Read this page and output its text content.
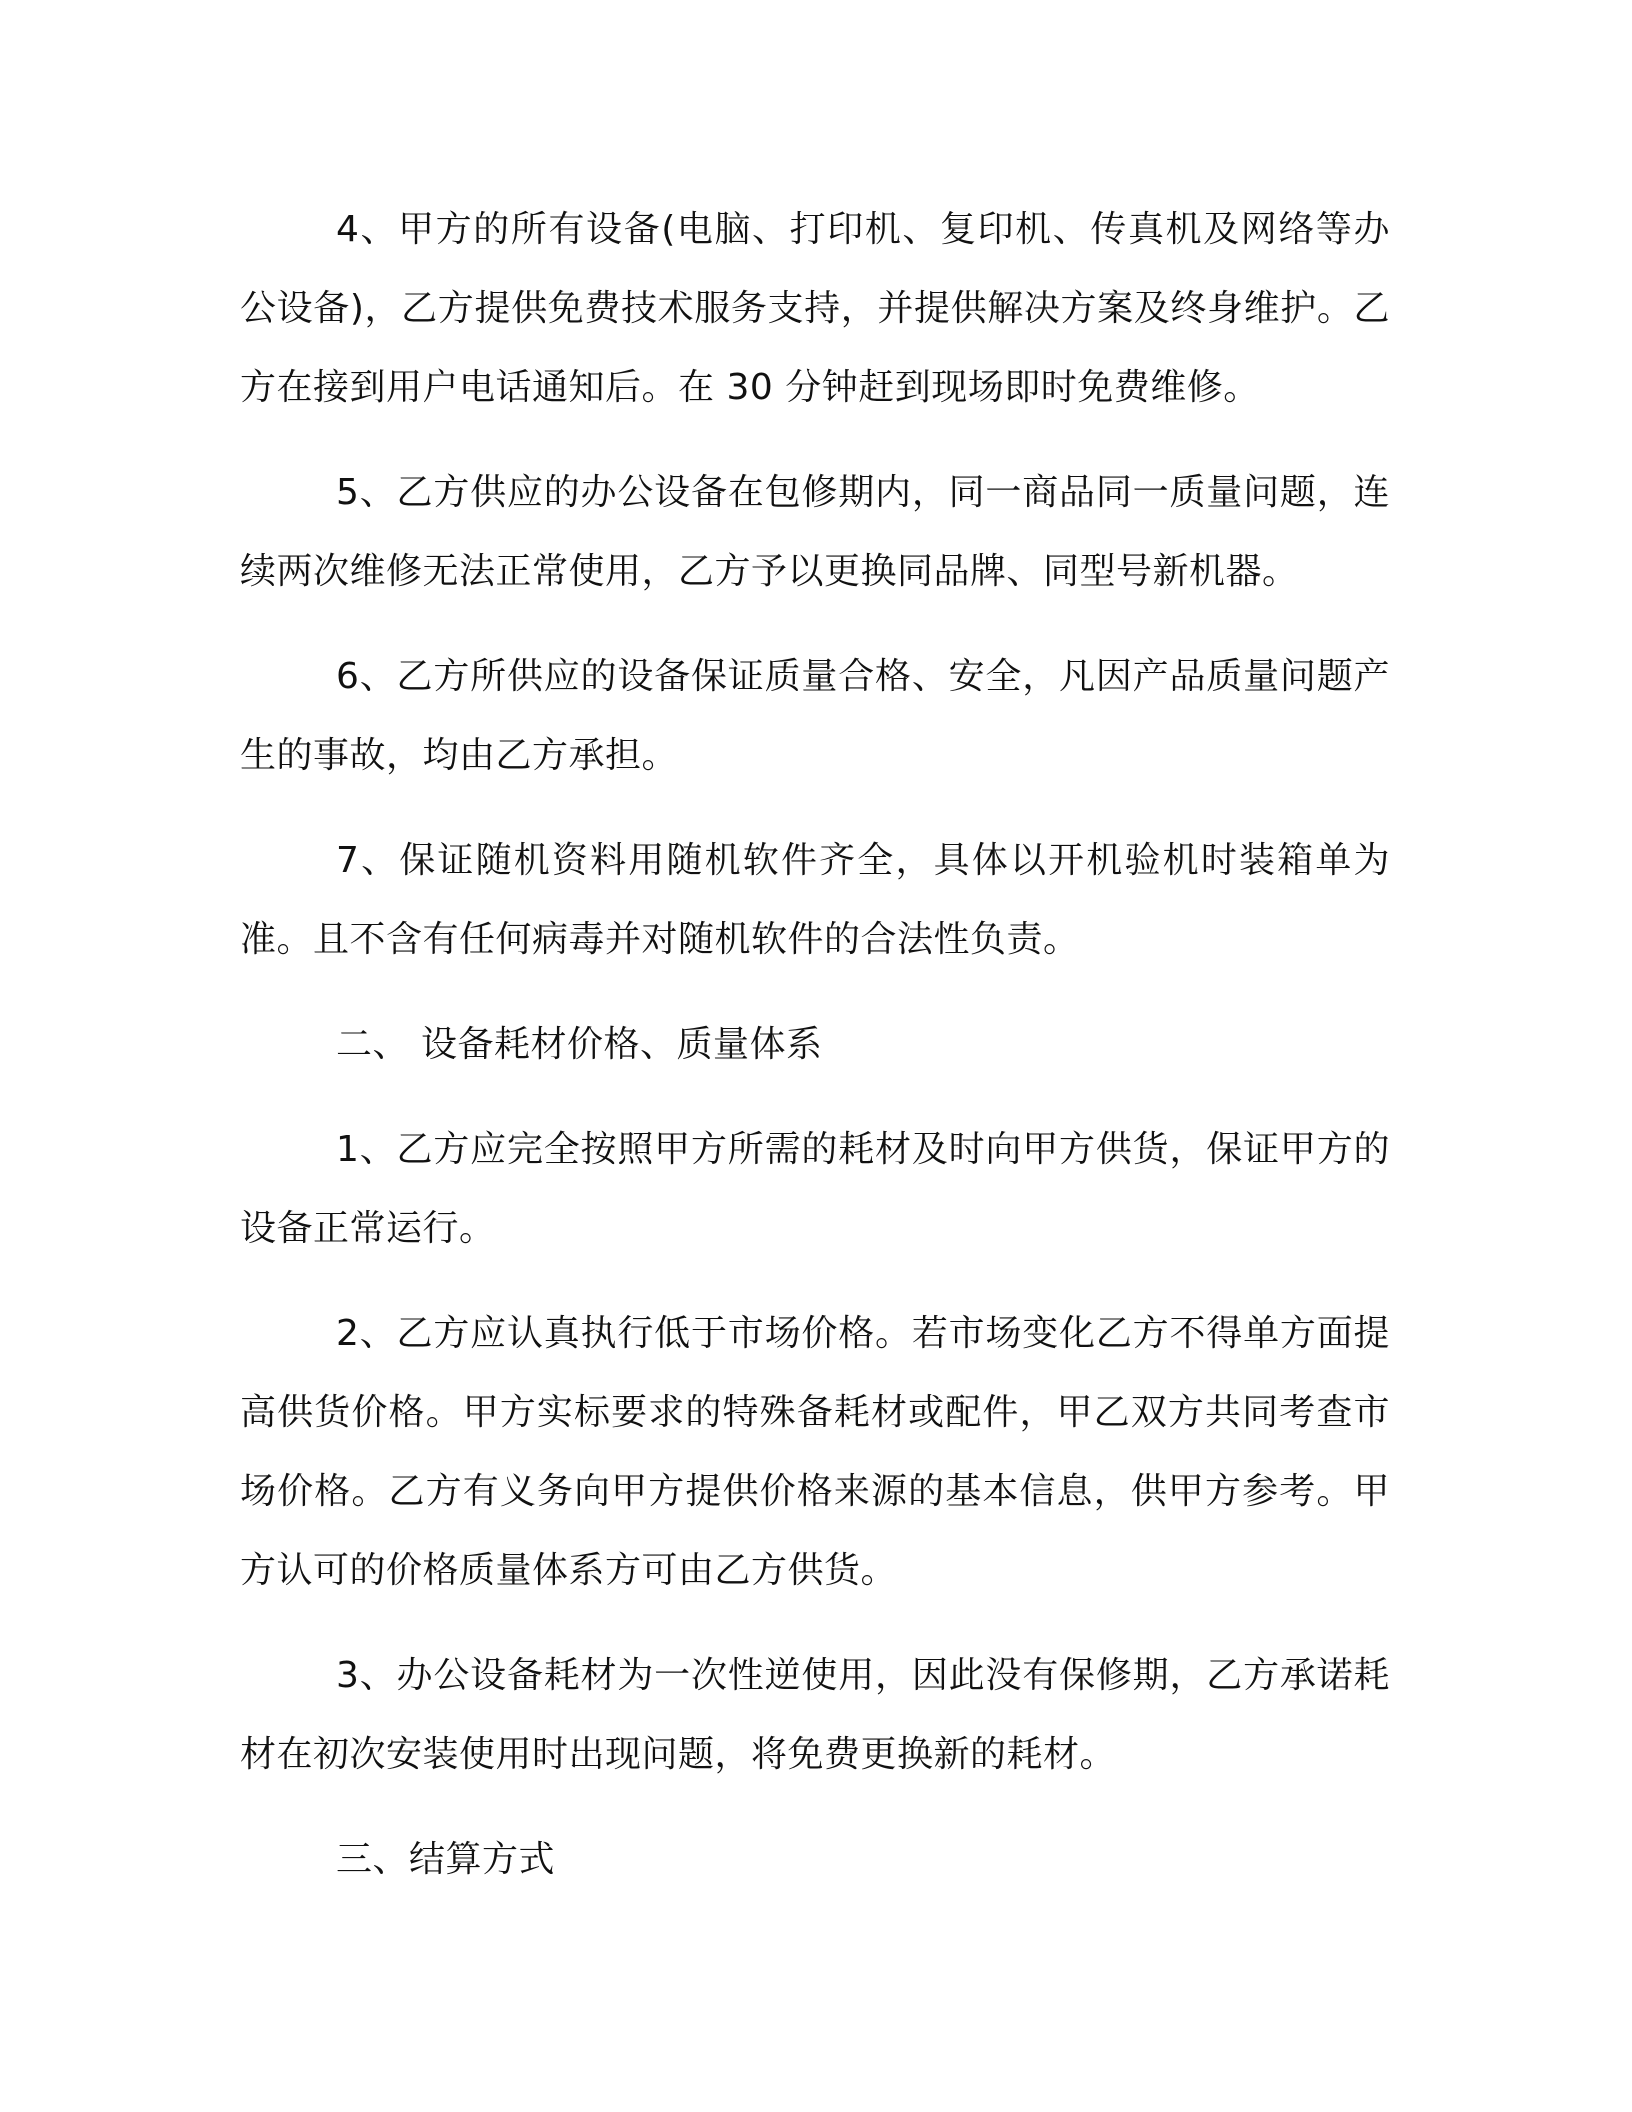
4、甲方的所有设备(电脑、打印机、复印机、传真机及网络等办公设备)，乙方提供免费技术服务支持，并提供解决方案及终身维护。乙方在接到用户电话通知后。在 30 分钟赶到现场即时免费维修。

5、乙方供应的办公设备在包修期内，同一商品同一质量问题，连续两次维修无法正常使用，乙方予以更换同品牌、同型号新机器。

6、乙方所供应的设备保证质量合格、安全，凡因产品质量问题产生的事故，均由乙方承担。

7、保证随机资料用随机软件齐全，具体以开机验机时装箱单为准。且不含有任何病毒并对随机软件的合法性负责。

二、 设备耗材价格、质量体系

1、乙方应完全按照甲方所需的耗材及时向甲方供货，保证甲方的设备正常运行。

2、乙方应认真执行低于市场价格。若市场变化乙方不得单方面提高供货价格。甲方实标要求的特殊备耗材或配件，甲乙双方共同考查市场价格。乙方有义务向甲方提供价格来源的基本信息，供甲方参考。甲方认可的价格质量体系方可由乙方供货。

3、办公设备耗材为一次性逆使用，因此没有保修期，乙方承诺耗材在初次安装使用时出现问题，将免费更换新的耗材。

三、结算方式
